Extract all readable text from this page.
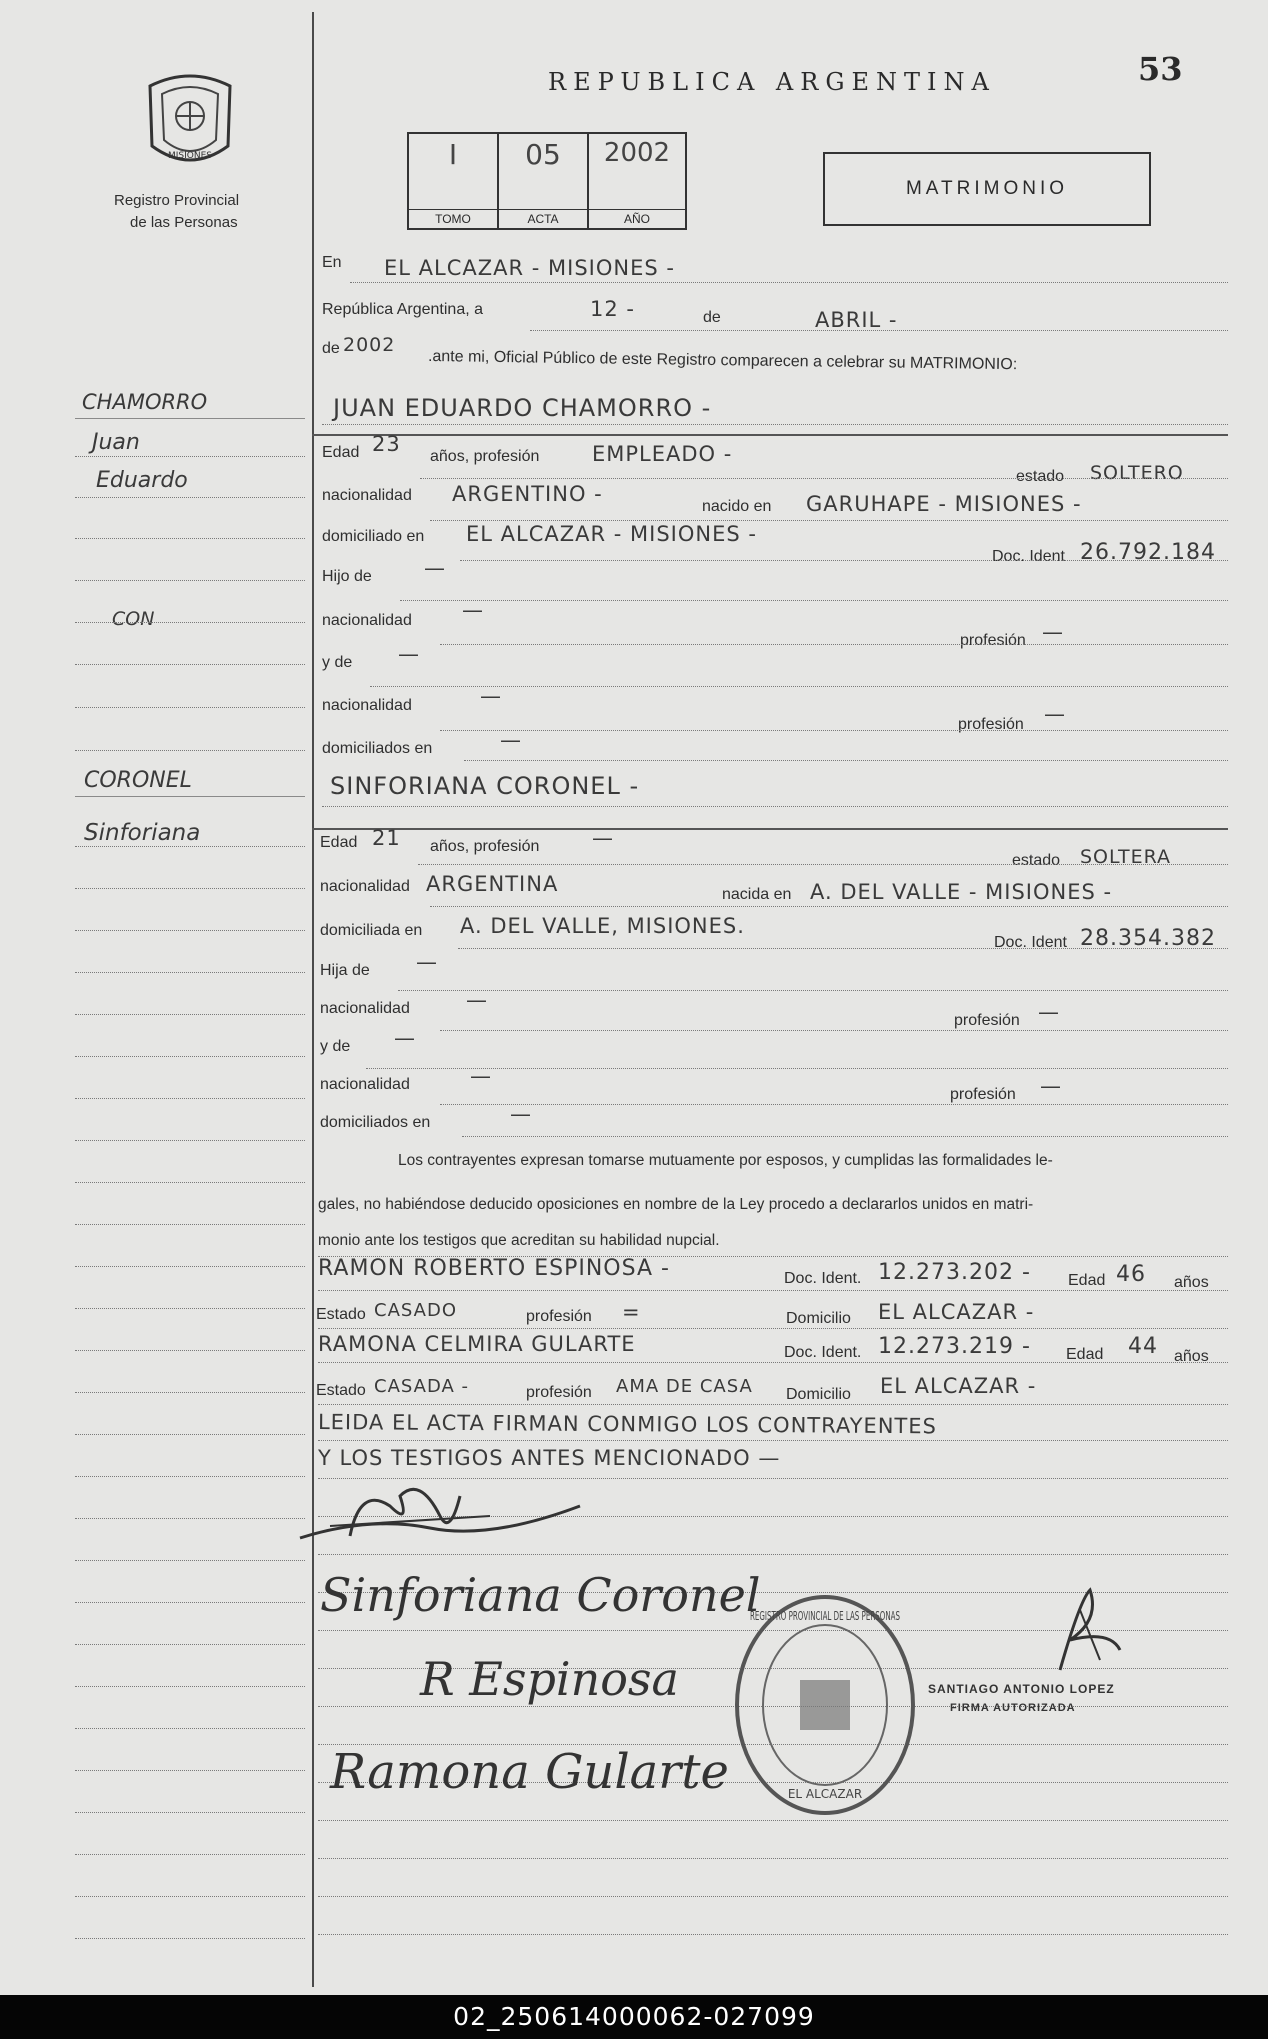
MISIONES
Registro Provincial
de las Personas
REPUBLICA ARGENTINA	53
I
TOMO
05
ACTA
2002
AÑO
MATRIMONIO
En EL ALCAZAR - MISIONES -
República Argentina, a	12 -	de	ABRIL -
de 2002
.ante mi, Oficial Público de este Registro comparecen a celebrar su MATRIMONIO:
JUAN EDUARDO CHAMORRO -
CHAMORRO
Juan
Eduardo
CON
CORONEL
Sinforiana
Edad 23
años, profesión	EMPLEADO -
estado SOLTERO
nacionalidad ARGENTINO -
nacido en GARUHAPE - MISIONES -
domiciliado en EL ALCAZAR - MISIONES -
Doc. Ident 26.792.184
Hijo de —
nacionalidad —
profesión —
y de —
nacionalidad	—
profesión —
domiciliados en	—
SINFORIANA CORONEL -
Edad 21 años, profesión	—
estado SOLTERA
nacionalidad ARGENTINA	nacida en A. DEL VALLE - MISIONES -
domiciliada en A. DEL VALLE, MISIONES.
Doc. Ident 28.354.382
Hija de —
nacionalidad	—
profesión —
y de —
nacionalidad	—
profesión —
domiciliados en	—
Los contrayentes expresan tomarse mutuamente por esposos, y cumplidas las formalidades le-
gales, no habiéndose deducido oposiciones en nombre de la Ley procedo a declararlos unidos en matri-
monio ante los testigos que acreditan su habilidad nupcial.
RAMON ROBERTO ESPINOSA -	Doc. Ident. 12.273.202 - Edad 46 años
Estado CASADO	profesión =	Domicilio EL ALCAZAR -
RAMONA CELMIRA GULARTE	Doc. Ident. 12.273.219 - Edad 44 años
Estado CASADA -	profesión AMA DE CASA Domicilio EL ALCAZAR -
LEIDA EL ACTA FIRMAN CONMIGO LOS CONTRAYENTES
Y LOS TESTIGOS ANTES MENCIONADO —
Sinforiana Coronel
R Espinosa
Ramona Gularte
REGISTRO PROVINCIAL DE LAS PERSONAS
EL ALCAZAR
SANTIAGO ANTONIO LOPEZ
FIRMA AUTORIZADA
02_250614000062-027099
